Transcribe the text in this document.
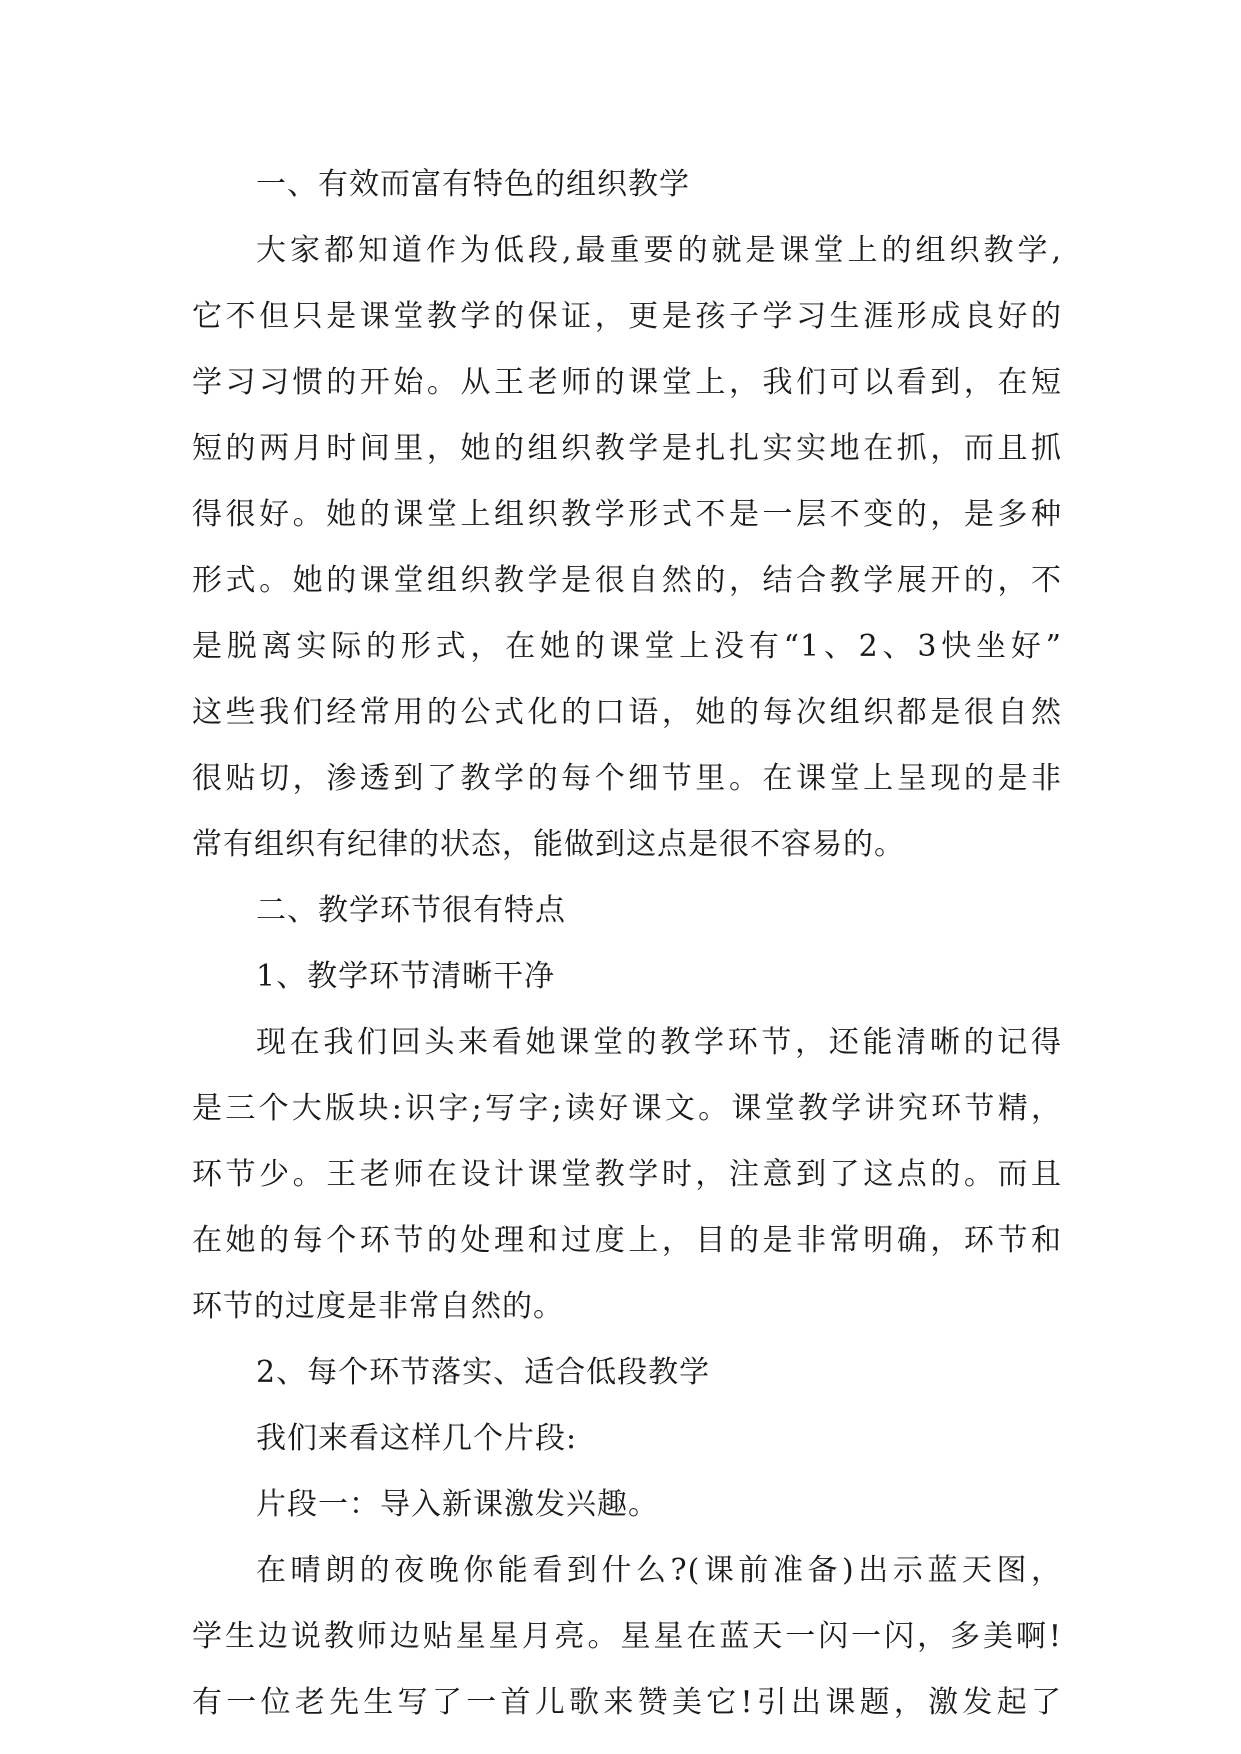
一、有效而富有特色的组织教学
大家都知道作为低段,最重要的就是课堂上的组织教学,
它不但只是课堂教学的保证，更是孩子学习生涯形成良好的
学习习惯的开始。从王老师的课堂上，我们可以看到，在短
短的两月时间里，她的组织教学是扎扎实实地在抓，而且抓
得很好。她的课堂上组织教学形式不是一层不变的，是多种
形式。她的课堂组织教学是很自然的，结合教学展开的，不
是脱离实际的形式，在她的课堂上没有“1、2、3快坐好”
这些我们经常用的公式化的口语，她的每次组织都是很自然
很贴切，渗透到了教学的每个细节里。在课堂上呈现的是非
常有组织有纪律的状态，能做到这点是很不容易的。
二、教学环节很有特点
1、教学环节清晰干净
现在我们回头来看她课堂的教学环节，还能清晰的记得
是三个大版块:识字;写字;读好课文。课堂教学讲究环节精，
环节少。王老师在设计课堂教学时，注意到了这点的。而且
在她的每个环节的处理和过度上，目的是非常明确，环节和
环节的过度是非常自然的。
2、每个环节落实、适合低段教学
我们来看这样几个片段:
片段一：导入新课激发兴趣。
在晴朗的夜晚你能看到什么?(课前准备)出示蓝天图，
学生边说教师边贴星星月亮。星星在蓝天一闪一闪，多美啊!
有一位老先生写了一首儿歌来赞美它!引出课题，激发起了
